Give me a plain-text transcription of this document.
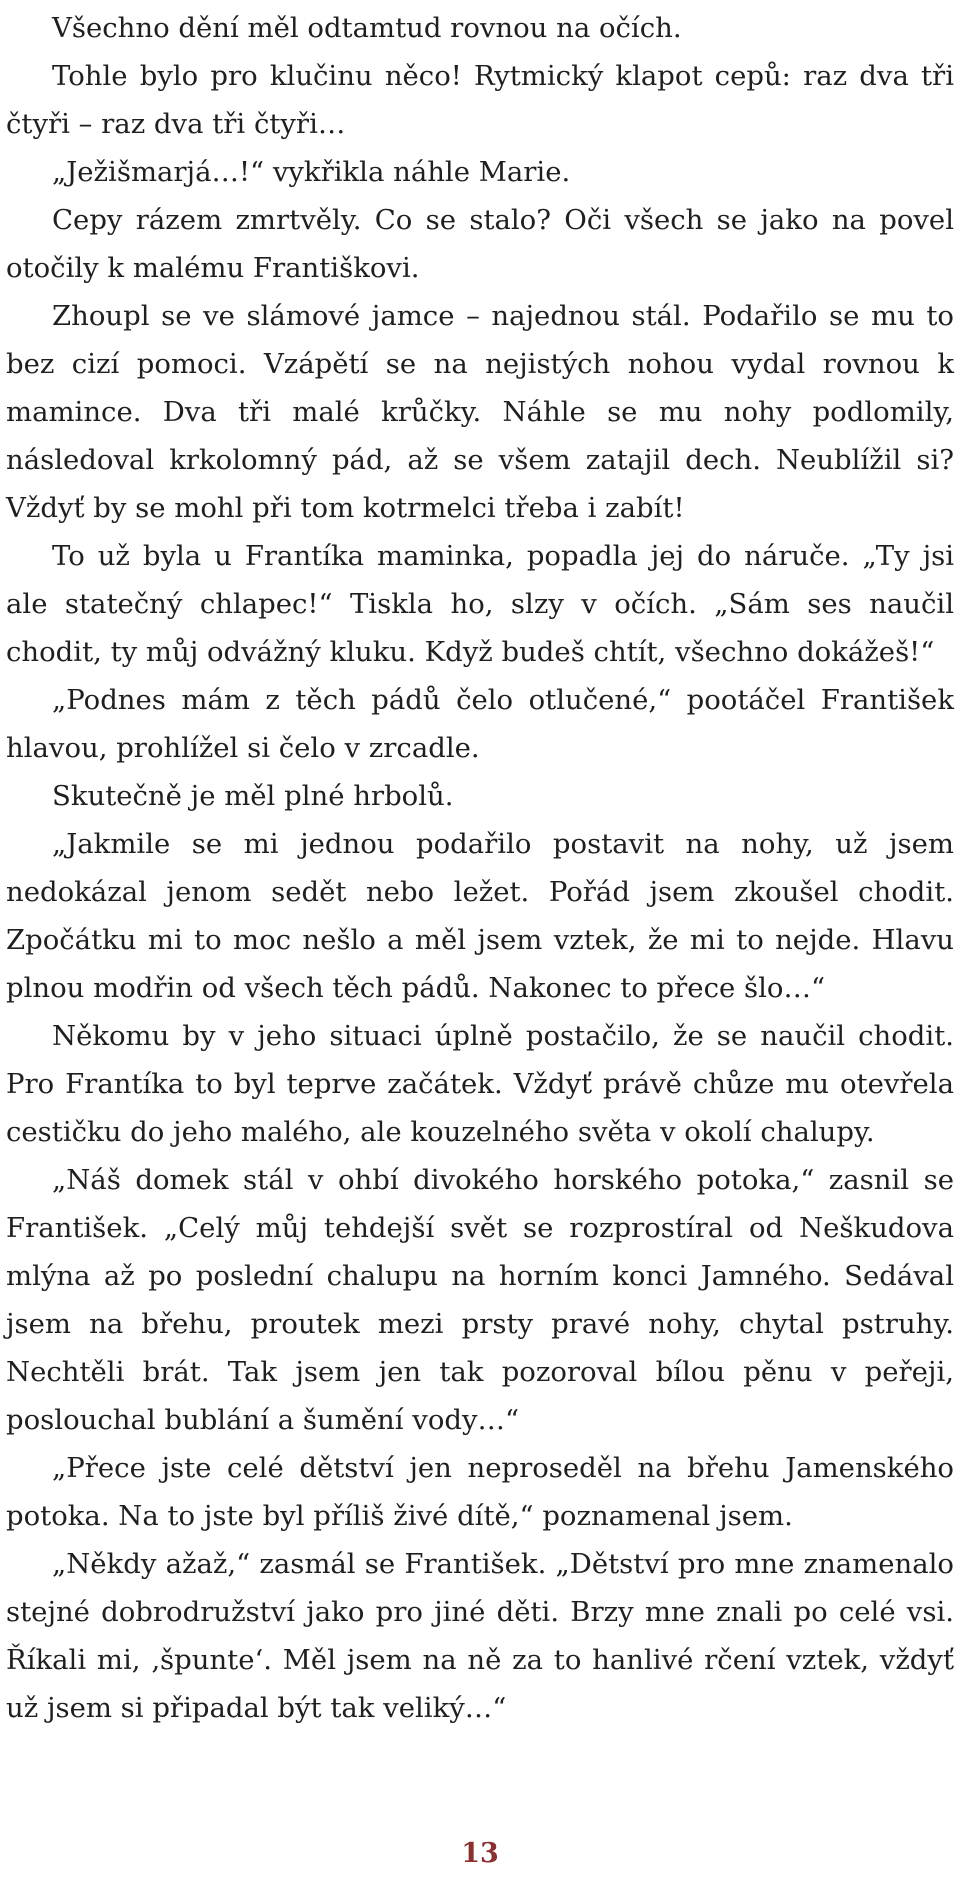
Všechno dění měl odtamtud rovnou na očích.

Tohle bylo pro klučinu něco! Rytmický klapot cepů: raz dva tři čtyři – raz dva tři čtyři…

„Ježišmarjá…!“ vykřikla náhle Marie.

Cepy rázem zmrtvěly. Co se stalo? Oči všech se jako na povel otočily k malému Františkovi.

Zhoupl se ve slámové jamce – najednou stál. Podařilo se mu to bez cizí pomoci. Vzápětí se na nejistých nohou vydal rovnou k mamince. Dva tři malé krůčky. Náhle se mu nohy podlomily, následoval krkolomný pád, až se všem zatajil dech. Neublížil si? Vždyť by se mohl při tom kotrmelci třeba i zabít!

To už byla u Frantíka maminka, popadla jej do náruče. „Ty jsi ale statečný chlapec!“ Tiskla ho, slzy v očích. „Sám ses naučil chodit, ty můj odvážný kluku. Když budeš chtít, všechno dokážeš!“

„Podnes mám z těch pádů čelo otlučené,“ pootáčel František hlavou, prohlížel si čelo v zrcadle.

Skutečně je měl plné hrbolů.

„Jakmile se mi jednou podařilo postavit na nohy, už jsem nedokázal jenom sedět nebo ležet. Pořád jsem zkoušel chodit. Zpočátku mi to moc nešlo a měl jsem vztek, že mi to nejde. Hlavu plnou modřin od všech těch pádů. Nakonec to přece šlo…“

Někomu by v jeho situaci úplně postačilo, že se naučil chodit. Pro Frantíka to byl teprve začátek. Vždyť právě chůze mu otevřela cestičku do jeho malého, ale kouzelného světa v okolí chalupy.

„Náš domek stál v ohbí divokého horského potoka,“ zasnil se František. „Celý můj tehdejší svět se rozprostíral od Neškudova mlýna až po poslední chalupu na horním konci Jamného. Sedával jsem na břehu, proutek mezi prsty pravé nohy, chytal pstruhy. Nechtěli brát. Tak jsem jen tak pozoroval bílou pěnu v peřeji, poslouchal bublání a šumění vody…“

„Přece jste celé dětství jen neproseděl na břehu Jamenského potoka. Na to jste byl příliš živé dítě,“ poznamenal jsem.

„Někdy ažaž,“ zasmál se František. „Dětství pro mne znamenalo stejné dobrodružství jako pro jiné děti. Brzy mne znali po celé vsi. Říkali mi, ‚špunte‘. Měl jsem na ně za to hanlivé rčení vztek, vždyť už jsem si připadal být tak veliký…“

13
